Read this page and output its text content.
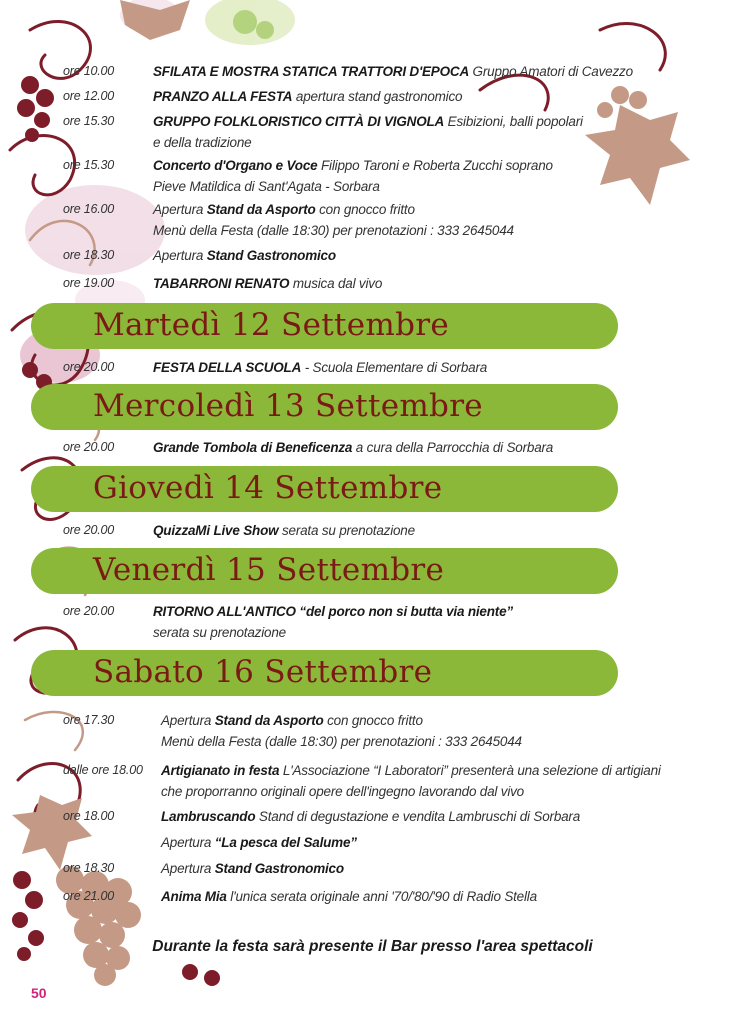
ore 10.00	SFILATA E MOSTRA STATICA TRATTORI D'EPOCA Gruppo Amatori di Cavezzo
ore 12.00	PRANZO ALLA FESTA apertura stand gastronomico
ore 15.30	GRUPPO FOLKLORISTICO CITTÀ DI VIGNOLA Esibizioni, balli popolari
e della tradizione
ore 15.30	Concerto d'Organo e Voce Filippo Taroni e Roberta Zucchi soprano
Pieve Matildica di Sant'Agata - Sorbara
ore 16.00	Apertura Stand da Asporto con gnocco fritto
Menù della Festa (dalle 18:30) per prenotazioni : 333 2645044
ore 18.30	Apertura Stand Gastronomico
ore 19.00	TABARRONI RENATO musica dal vivo
Martedì 12 Settembre
ore 20.00	FESTA DELLA SCUOLA - Scuola Elementare di Sorbara
Mercoledì 13 Settembre
ore 20.00	Grande Tombola di Beneficenza a cura della Parrocchia di Sorbara
Giovedì 14 Settembre
ore 20.00	QuizzaMi Live Show serata su prenotazione
Venerdì 15 Settembre
ore 20.00	RITORNO ALL'ANTICO “del porco non si butta via niente”
serata su prenotazione
Sabato 16 Settembre
ore 17.30	Apertura Stand da Asporto con gnocco fritto
Menù della Festa (dalle 18:30) per prenotazioni : 333 2645044
dalle ore 18.00	Artigianato in festa L'Associazione “I Laboratori” presenterà una selezione di artigiani
che proporranno originali opere dell'ingegno lavorando dal vivo
ore 18.00	Lambruscando Stand di degustazione e vendita Lambruschi di Sorbara
Apertura “La pesca del Salume”
ore 18.30	Apertura Stand Gastronomico
ore 21.00	Anima Mia l'unica serata originale anni '70/'80/'90 di Radio Stella
Durante la festa sarà presente il Bar presso l'area spettacoli
50
